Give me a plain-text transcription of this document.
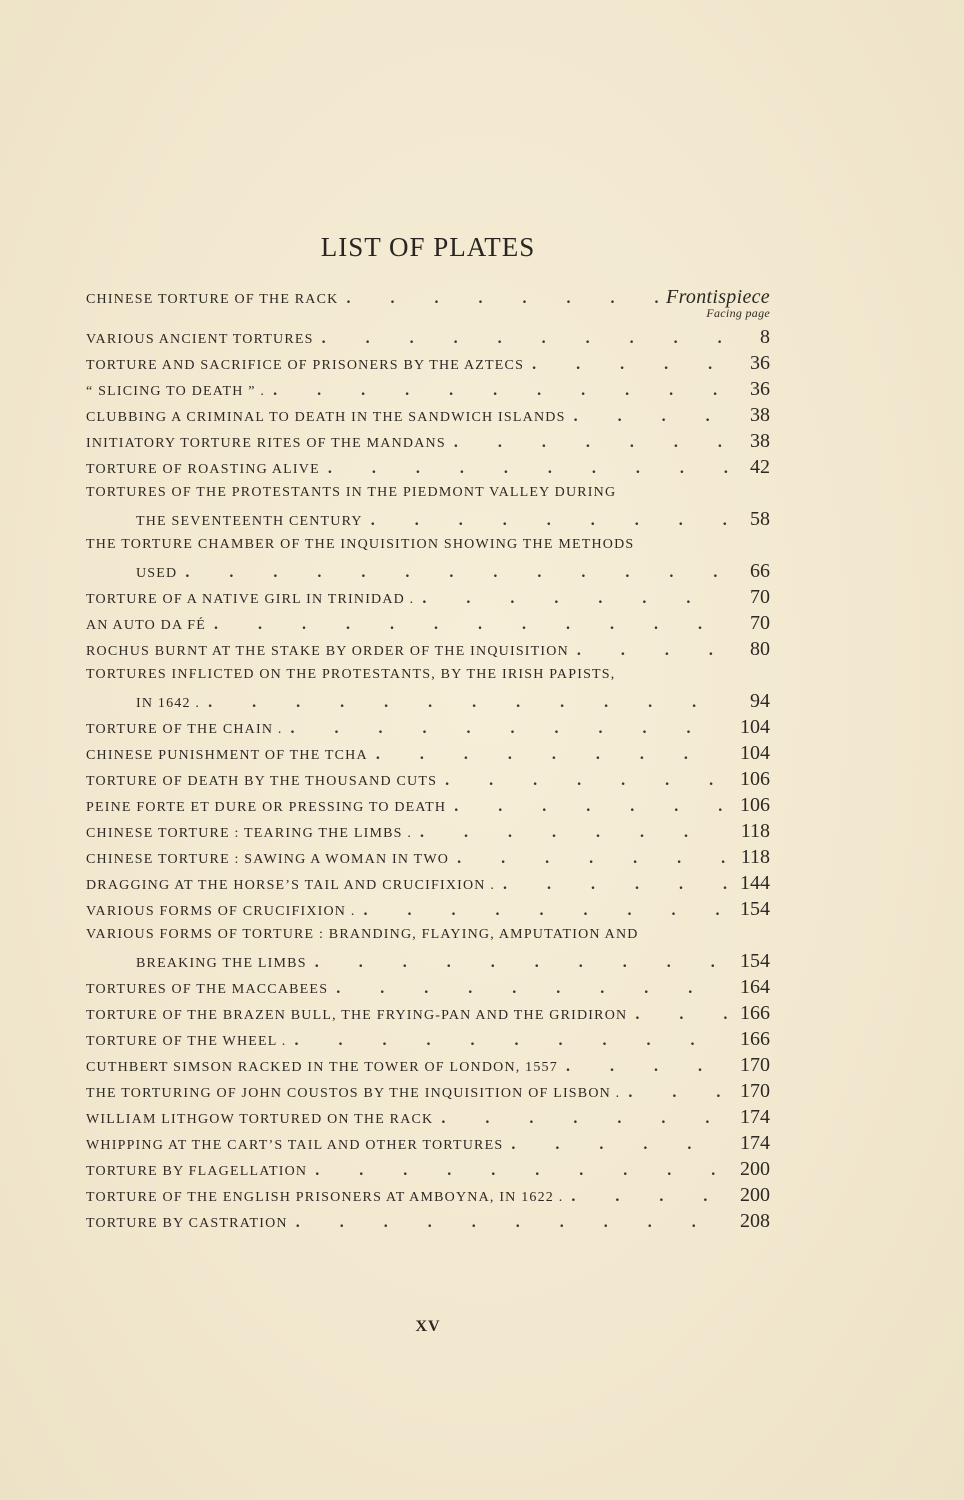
LIST OF PLATES
CHINESE TORTURE OF THE RACK .	Frontispiece
Facing page
VARIOUS ANCIENT TORTURES .	8
TORTURE AND SACRIFICE OF PRISONERS BY THE AZTECS .	36
“ SLICING TO DEATH ” . .	36
CLUBBING A CRIMINAL TO DEATH IN THE SANDWICH ISLANDS .	38
INITIATORY TORTURE RITES OF THE MANDANS .	38
TORTURE OF ROASTING ALIVE .	42
TORTURES OF THE PROTESTANTS IN THE PIEDMONT VALLEY DURING
THE SEVENTEENTH CENTURY .	58
THE TORTURE CHAMBER OF THE INQUISITION SHOWING THE METHODS
USED .	66
TORTURE OF A NATIVE GIRL IN TRINIDAD . .	70
AN AUTO DA FÉ .	70
ROCHUS BURNT AT THE STAKE BY ORDER OF THE INQUISITION .	80
TORTURES INFLICTED ON THE PROTESTANTS, BY THE IRISH PAPISTS,
IN 1642 . .	94
TORTURE OF THE CHAIN . .	104
CHINESE PUNISHMENT OF THE TCHA .	104
TORTURE OF DEATH BY THE THOUSAND CUTS .	106
PEINE FORTE ET DURE OR PRESSING TO DEATH .	106
CHINESE TORTURE : TEARING THE LIMBS . .	118
CHINESE TORTURE : SAWING A WOMAN IN TWO .	118
DRAGGING AT THE HORSE’S TAIL AND CRUCIFIXION . .	144
VARIOUS FORMS OF CRUCIFIXION . .	154
VARIOUS FORMS OF TORTURE : BRANDING, FLAYING, AMPUTATION AND
BREAKING THE LIMBS .	154
TORTURES OF THE MACCABEES .	164
TORTURE OF THE BRAZEN BULL, THE FRYING-PAN AND THE GRIDIRON .	166
TORTURE OF THE WHEEL . .	166
CUTHBERT SIMSON RACKED IN THE TOWER OF LONDON, 1557 .	170
THE TORTURING OF JOHN COUSTOS BY THE INQUISITION OF LISBON . .	170
WILLIAM LITHGOW TORTURED ON THE RACK .	174
WHIPPING AT THE CART’S TAIL AND OTHER TORTURES .	174
TORTURE BY FLAGELLATION .	200
TORTURE OF THE ENGLISH PRISONERS AT AMBOYNA, IN 1622 . .	200
TORTURE BY CASTRATION .	208
XV
